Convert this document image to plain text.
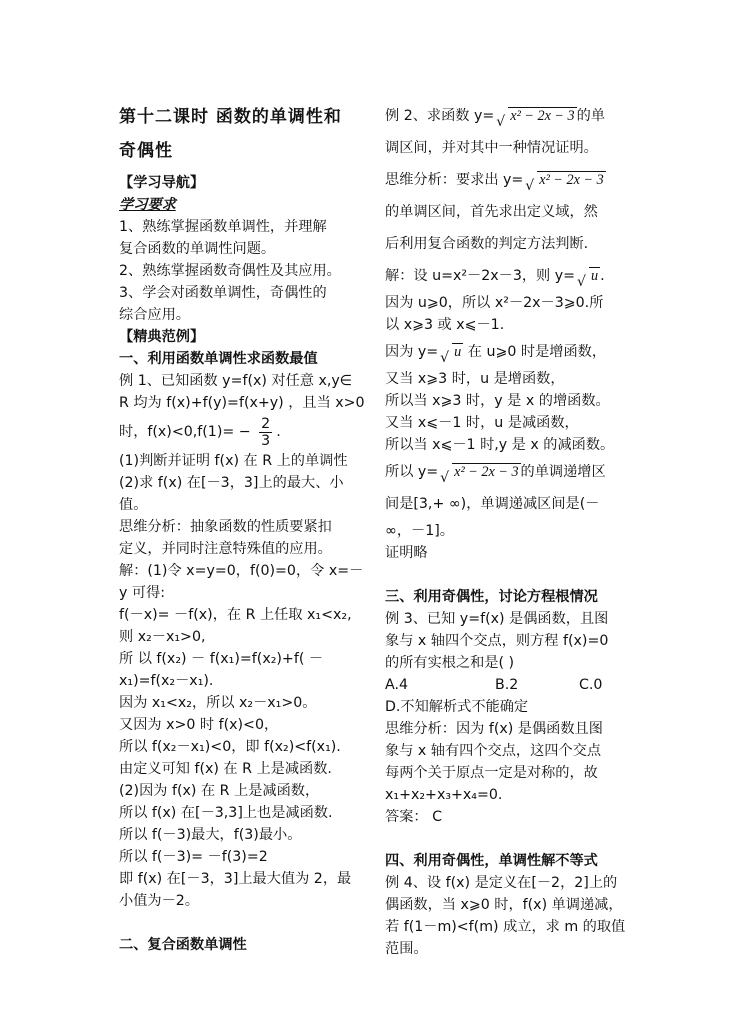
第十二课时 函数的单调性和
奇偶性
【学习导航】
学习要求
1、熟练掌握函数单调性，并理解
复合函数的单调性问题。
2、熟练掌握函数奇偶性及其应用。
3、学会对函数单调性，奇偶性的
综合应用。
【精典范例】
一、利用函数单调性求函数最值
例 1、已知函数 y=f(x) 对任意 x,y∈
R 均为 f(x)+f(y)=f(x+y) ，且当 x>0
时，$f(x)<0,f(1)= - \frac{2}{3}$ .
(1)判断并证明 f(x) 在 R 上的单调性
(2)求 f(x) 在[－3，3]上的最大、小
值。
思维分析：抽象函数的性质要紧扣
定义，并同时注意特殊值的应用。
解：(1)令 x=y=0，f(0)=0，令 x=－
y 可得:
f(－x)= －f(x)，在 R 上任取 x₁<x₂,
则 x₂－x₁>0,
所 以 f(x₂) － f(x₁)=f(x₂)+f( －
x₁)=f(x₂－x₁).
因为 x₁<x₂，所以 x₂－x₁>0。
又因为 x>0 时 f(x)<0，
所以 f(x₂－x₁)<0，即 f(x₂)<f(x₁).
由定义可知 f(x) 在 R 上是减函数.
(2)因为 f(x) 在 R 上是减函数，
所以 f(x) 在[－3,3]上也是减函数.
所以 f(－3)最大，f(3)最小。
所以 f(－3)= －f(3)=2
即 f(x) 在[－3，3]上最大值为 2，最
小值为－2。
二、复合函数单调性
例 2、求函数 y= √ x² − 2x − 3 的单
调区间，并对其中一种情况证明。
思维分析：要求出 y= √ x² − 2x − 3
的单调区间，首先求出定义域，然
后利用复合函数的判定方法判断.
解：设 u=x²－2x－3，则 y= √ u .
因为 u⩾0，所以 x²－2x－3⩾0.所
以 x⩾3 或 x⩽－1.
因为 y= √ u 在 u⩾0 时是增函数，
又当 x⩾3 时，u 是增函数，
所以当 x⩾3 时，y 是 x 的增函数。
又当 x⩽－1 时，u 是减函数，
所以当 x⩽－1 时,y 是 x 的减函数。
所以 y= √ x² − 2x − 3 的单调递增区
间是[3,+ ∞)，单调递减区间是(－
∞，－1]。
证明略
三、利用奇偶性，讨论方程根情况
例 3、已知 y=f(x) 是偶函数，且图
象与 x 轴四个交点，则方程 f(x)=0
的所有实根之和是( )
A.4	B.2	C.0
D.不知解析式不能确定
思维分析：因为 f(x) 是偶函数且图
象与 x 轴有四个交点，这四个交点
每两个关于原点一定是对称的，故
x₁+x₂+x₃+x₄=0.
答案： C
四、利用奇偶性，单调性解不等式
例 4、设 f(x) 是定义在[－2，2]上的
偶函数，当 x⩾0 时，f(x) 单调递减，
若 f(1－m)<f(m) 成立，求 m 的取值
范围。
